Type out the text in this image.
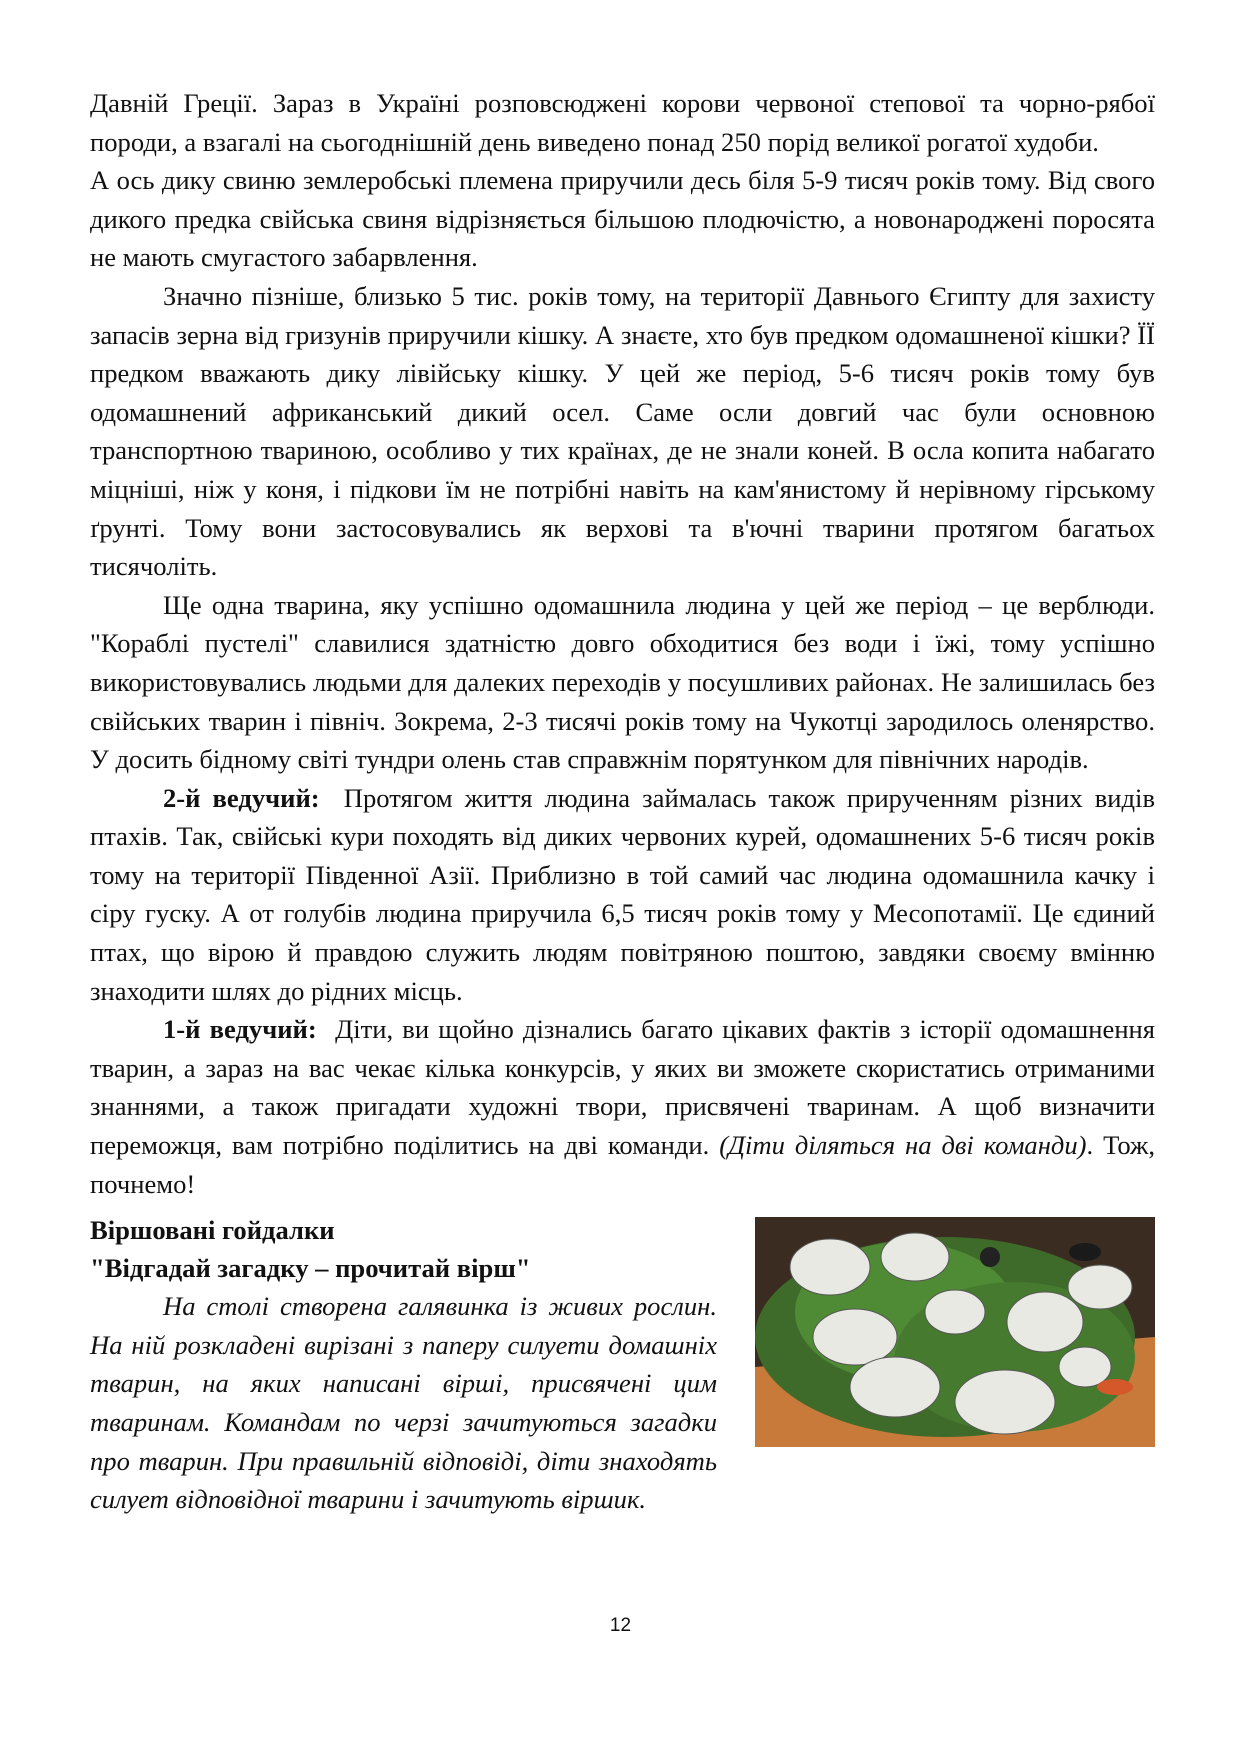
Давній Греції. Зараз в Україні розповсюджені корови червоної степової та чорно-рябої породи, а взагалі на сьогоднішній день виведено понад 250 порід великої рогатої худоби.

А ось дику свиню землеробські племена приручили десь біля 5-9 тисяч років тому. Від свого дикого предка свійська свиня відрізняється більшою плодючістю, а новонароджені поросята не мають смугастого забарвлення.

Значно пізніше, близько 5 тис. років тому, на території Давнього Єгипту для захисту запасів зерна від гризунів приручили кішку. А знаєте, хто був предком одомашненої кішки? ЇЇ предком вважають дику лівійську кішку. У цей же період, 5-6 тисяч років тому був одомашнений африканський дикий осел. Саме осли довгий час були основною транспортною твариною, особливо у тих країнах, де не знали коней. В осла копита набагато міцніші, ніж у коня, і підкови їм не потрібні навіть на кам'янистому й нерівному гірському ґрунті. Тому вони застосовувались як верхові та в'ючні тварини протягом багатьох тисячоліть.

Ще одна тварина, яку успішно одомашнила людина у цей же період – це верблюди. "Кораблі пустелі" славилися здатністю довго обходитися без води і їжі, тому успішно використовувались людьми для далеких переходів у посушливих районах. Не залишилась без свійських тварин і північ. Зокрема, 2-3 тисячі років тому на Чукотці зародилось оленярство. У досить бідному світі тундри олень став справжнім порятунком для північних народів.

2-й ведучий: Протягом життя людина займалась також прирученням різних видів птахів. Так, свійські кури походять від диких червоних курей, одомашнених 5-6 тисяч років тому на території Південної Азії. Приблизно в той самий час людина одомашнила качку і сіру гуску. А от голубів людина приручила 6,5 тисяч років тому у Месопотамії. Це єдиний птах, що вірою й правдою служить людям повітряною поштою, завдяки своєму вмінню знаходити шлях до рідних місць.

1-й ведучий: Діти, ви щойно дізнались багато цікавих фактів з історії одомашнення тварин, а зараз на вас чекає кілька конкурсів, у яких ви зможете скористатись отриманими знаннями, а також пригадати художні твори, присвячені тваринам. А щоб визначити переможця, вам потрібно поділитись на дві команди. (Діти діляться на дві команди). Тож, почнемо!

Віршовані гойдалки

"Відгадай загадку – прочитай вірш"

На столі створена галявинка із живих рослин. На ній розкладені вирізані з паперу силуети домашніх тварин, на яких написані вірші, присвячені цим тваринам. Командам по черзі зачитуються загадки про тварин. При правильній відповіді, діти знаходять силует відповідної тварини і зачитують віршик.

12
